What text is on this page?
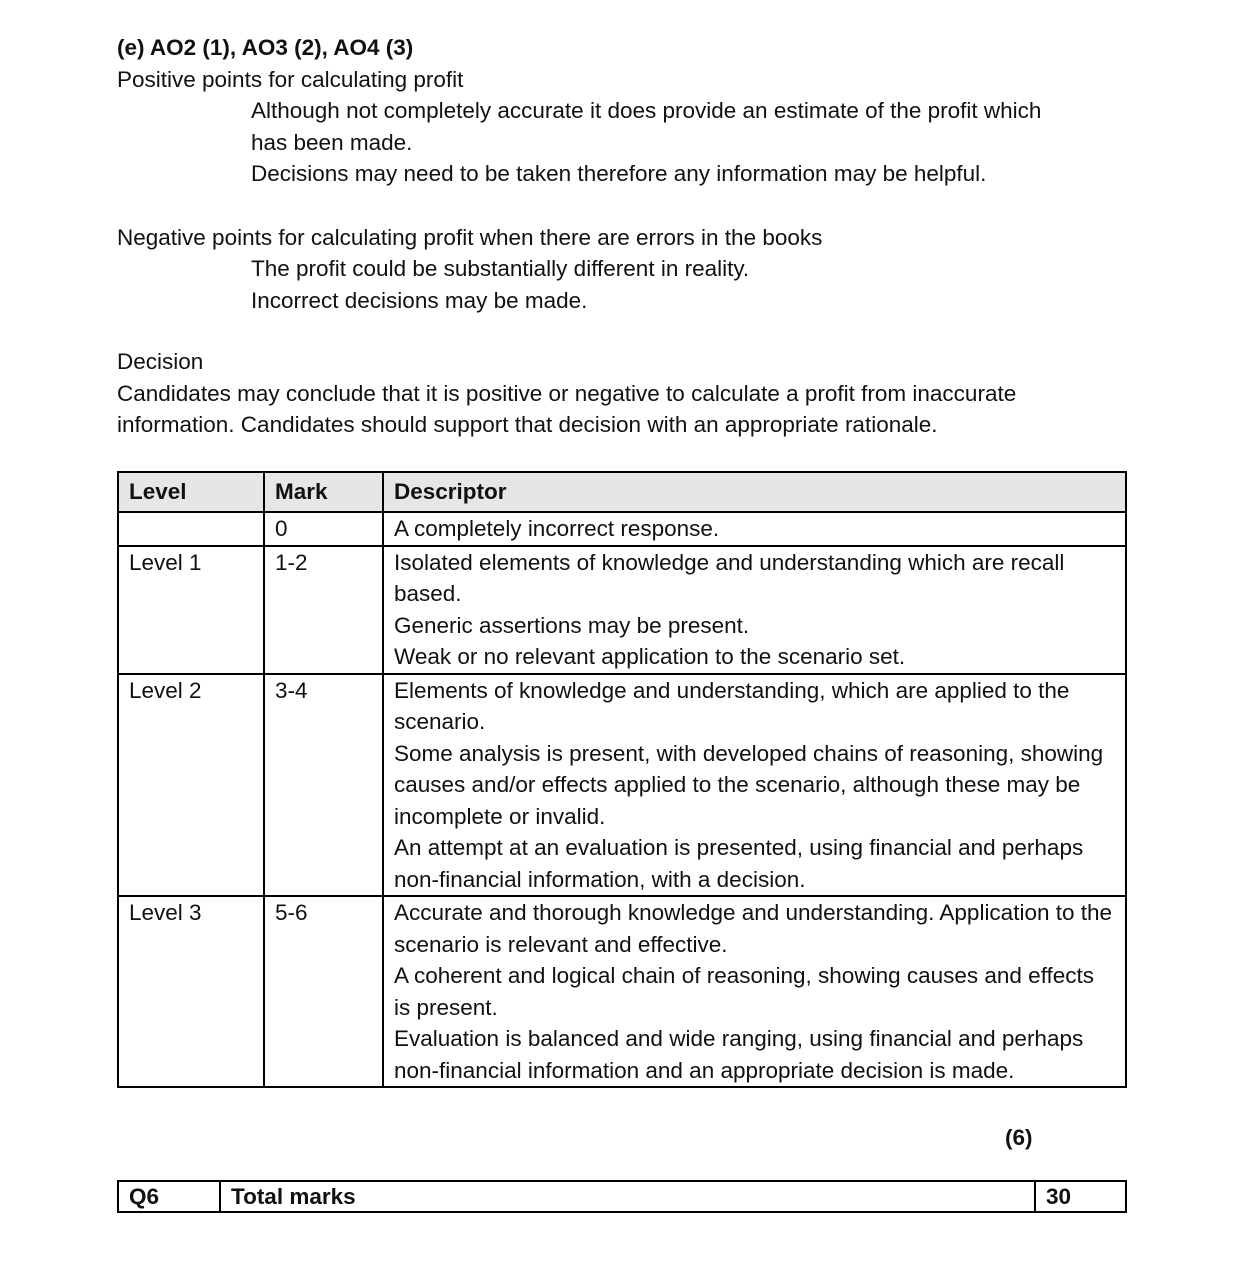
(e) AO2 (1), AO3 (2), AO4 (3)
Positive points for calculating profit
Although not completely accurate it does provide an estimate of the profit which has been made.
Decisions may need to be taken therefore any information may be helpful.
Negative points for calculating profit when there are errors in the books
The profit could be substantially different in reality.
Incorrect decisions may be made.
Decision
Candidates may conclude that it is positive or negative to calculate a profit from inaccurate information. Candidates should support that decision with an appropriate rationale.
Level	Mark	Descriptor
	0	A completely incorrect response.

Level 1	1-2	Isolated elements of knowledge and understanding which are recall based.
Generic assertions may be present.
Weak or no relevant application to the scenario set.

Level 2	3-4	Elements of knowledge and understanding, which are applied to the scenario.
Some analysis is present, with developed chains of reasoning, showing causes and/or effects applied to the scenario, although these may be incomplete or invalid.
An attempt at an evaluation is presented, using financial and perhaps non-financial information, with a decision.

Level 3	5-6	Accurate and thorough knowledge and understanding. Application to the scenario is relevant and effective.
A coherent and logical chain of reasoning, showing causes and effects is present.
Evaluation is balanced and wide ranging, using financial and perhaps non-financial information and an appropriate decision is made.
(6)
Q6	Total marks	30
